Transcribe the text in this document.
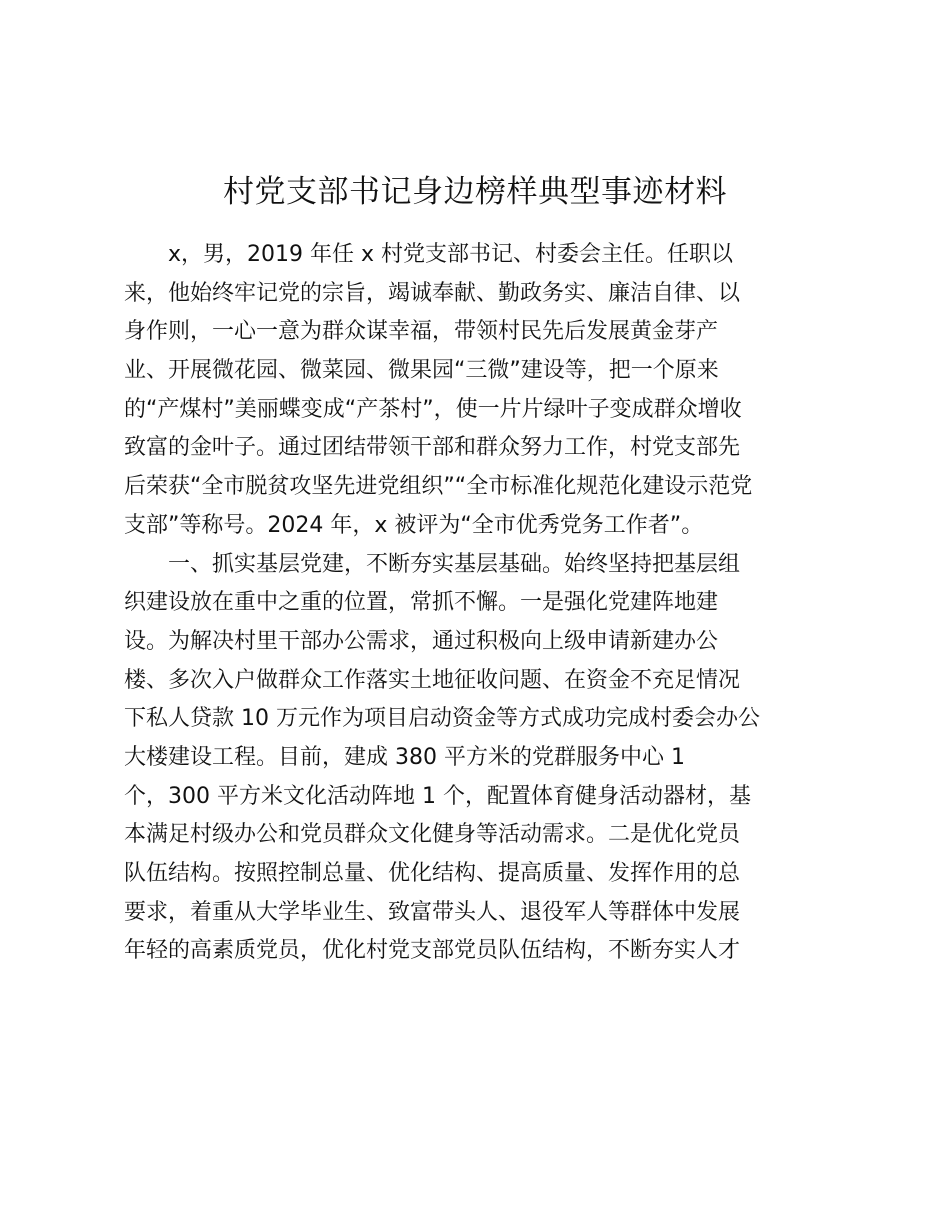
村党支部书记身边榜样典型事迹材料
x，男，2019 年任 x 村党支部书记、村委会主任。任职以
来，他始终牢记党的宗旨，竭诚奉献、勤政务实、廉洁自律、以
身作则，一心一意为群众谋幸福，带领村民先后发展黄金芽产
业、开展微花园、微菜园、微果园“三微”建设等，把一个原来
的“产煤村”美丽蝶变成“产茶村”，使一片片绿叶子变成群众增收
致富的金叶子。通过团结带领干部和群众努力工作，村党支部先
后荣获“全市脱贫攻坚先进党组织”“全市标准化规范化建设示范党
支部”等称号。2024 年，x 被评为“全市优秀党务工作者”。
一、抓实基层党建，不断夯实基层基础。始终坚持把基层组
织建设放在重中之重的位置，常抓不懈。一是强化党建阵地建
设。为解决村里干部办公需求，通过积极向上级申请新建办公
楼、多次入户做群众工作落实土地征收问题、在资金不充足情况
下私人贷款 10 万元作为项目启动资金等方式成功完成村委会办公
大楼建设工程。目前，建成 380 平方米的党群服务中心 1
个，300 平方米文化活动阵地 1 个，配置体育健身活动器材，基
本满足村级办公和党员群众文化健身等活动需求。二是优化党员
队伍结构。按照控制总量、优化结构、提高质量、发挥作用的总
要求，着重从大学毕业生、致富带头人、退役军人等群体中发展
年轻的高素质党员，优化村党支部党员队伍结构，不断夯实人才
